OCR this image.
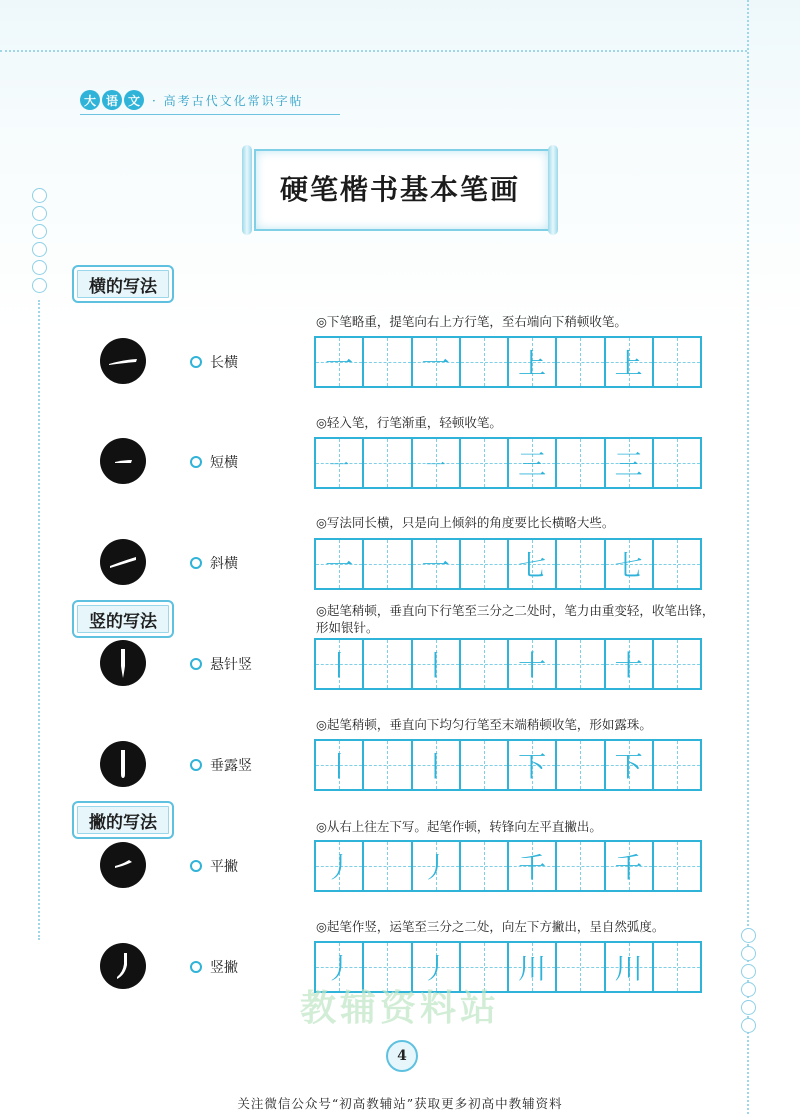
大 语 文	· 高考古代文化常识字帖
硬笔楷书基本笔画
横的写法
竖的写法
撇的写法
长横
◎下笔略重，提笔向右上方行笔，至右端向下稍顿收笔。
一	一	上	上
短横
◎轻入笔，行笔渐重，轻顿收笔。
一	一	三	三
斜横
◎写法同长横，只是向上倾斜的角度要比长横略大些。
一	一	七	七
悬针竖
◎起笔稍顿，垂直向下行笔至三分之二处时，笔力由重变轻，收笔出锋，形如银针。
丨	丨	十	十
垂露竖
◎起笔稍顿，垂直向下均匀行笔至末端稍顿收笔，形如露珠。
丨	丨	下	下
平撇
◎从右上往左下写。起笔作顿，转锋向左平直撇出。
丿	丿	千	千
竖撇
◎起笔作竖，运笔至三分之二处，向左下方撇出，呈自然弧度。
丿	丿	川	川
教辅资料站
4
关注微信公众号“初高教辅站”获取更多初高中教辅资料
